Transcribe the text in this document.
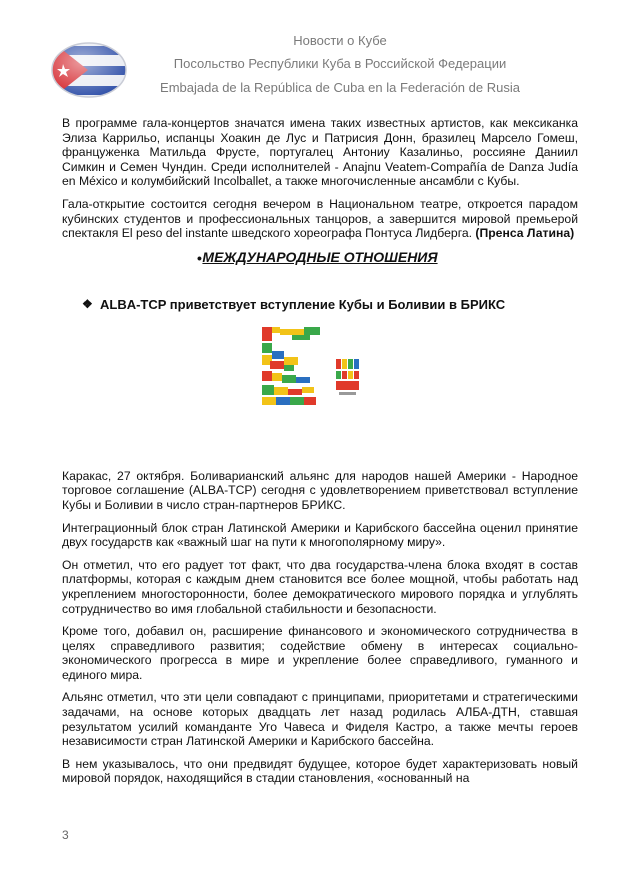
Новости о Кубе
Посольство Республики Куба в Российской Федерации
Embajada de la República de Cuba en la Federación de Rusia

В программе гала-концертов значатся имена таких известных артистов, как мексиканка Элиза Каррильо, испанцы Хоакин де Лус и Патрисия Донн, бразилец Марсело Гомеш, француженка Матильда Фрусте, португалец Антониу Казалиньо, россияне Даниил Симкин и Семен Чундин. Среди исполнителей - Anajnu Veatem-Compañía de Danza Judía en México и колумбийский Incolballet, а также многочисленные ансамбли с Кубы.

Гала-открытие состоится сегодня вечером в Национальном театре, откроется парадом кубинских студентов и профессиональных танцоров, а завершится мировой премьерой спектакля El peso del instante шведского хореографа Понтуса Лидберга. (Пренса Латина)

• МЕЖДУНАРОДНЫЕ ОТНОШЕНИЯ
❖ ALBA-TCP приветствует вступление Кубы и Боливии в БРИКС

Каракас, 27 октября. Боливарианский альянс для народов нашей Америки - Народное торговое соглашение (ALBA-TCP) сегодня с удовлетворением приветствовал вступление Кубы и Боливии в число стран-партнеров БРИКС.

Интеграционный блок стран Латинской Америки и Карибского бассейна оценил принятие двух государств как «важный шаг на пути к многополярному миру».

Он отметил, что его радует тот факт, что два государства-члена блока входят в состав платформы, которая с каждым днем становится все более мощной, чтобы работать над укреплением многосторонности, более демократического мирового порядка и углублять сотрудничество во имя глобальной стабильности и безопасности.

Кроме того, добавил он, расширение финансового и экономического сотрудничества в целях справедливого развития; содействие обмену в интересах социально-экономического прогресса в мире и укрепление более справедливого, гуманного и единого мира.

Альянс отметил, что эти цели совпадают с принципами, приоритетами и стратегическими задачами, на основе которых двадцать лет назад родилась АЛБА-ДТН, ставшая результатом усилий команданте Уго Чавеса и Фиделя Кастро, а также мечты героев независимости стран Латинской Америки и Карибского бассейна.

В нем указывалось, что они предвидят будущее, которое будет характеризовать новый мировой порядок, находящийся в стадии становления, «основанный на

3
